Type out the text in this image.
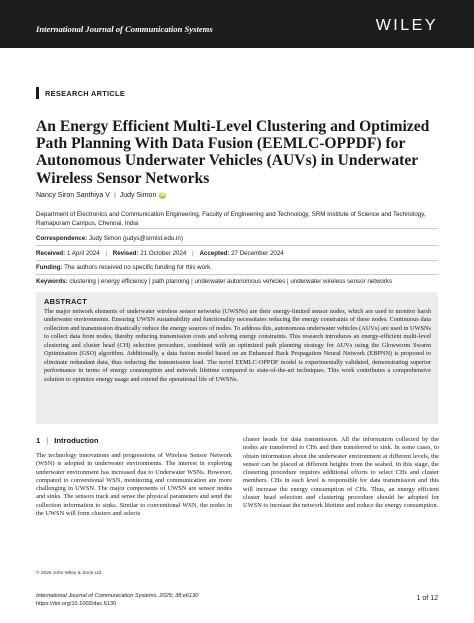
International Journal of Communication Systems	WILEY
RESEARCH ARTICLE
An Energy Efficient Multi-Level Clustering and Optimized Path Planning With Data Fusion (EEMLC-OPPDF) for Autonomous Underwater Vehicles (AUVs) in Underwater Wireless Sensor Networks
Nancy Siron Santhiya V | Judy Simon iD
Department of Electronics and Communication Engineering, Faculty of Engineering and Technology, SRM Institute of Science and Technology, Ramapuram Campus, Chennai, India
Correspondence: Judy Simon (judys@srmist.edu.in)
Received: 1 April 2024 | Revised: 21 October 2024 | Accepted: 27 December 2024
Funding: The authors received no specific funding for this work.
Keywords: clustering | energy efficiency | path planning | underwater autonomous vehicles | underwater wireless sensor networks
ABSTRACT
The major network elements of underwater wireless sensor networks (UWSNs) are their energy-limited sensor nodes, which are used to monitor harsh underwater environments. Ensuring UWSN sustainability and functionality necessitates reducing the energy constraints of these nodes. Continuous data collection and transmission drastically reduce the energy sources of nodes. To address this, autonomous underwater vehicles (AUVs) are used in UWSNs to collect data from nodes, thereby reducing transmission costs and solving energy constraints. This research introduces an energy-efficient multi-level clustering and cluster head (CH) selection procedure, combined with an optimized path planning strategy for AUVs using the Glowworm Swarm Optimization (GSO) algorithm. Additionally, a data fusion model based on an Enhanced Back Propagation Neural Network (EBPNN) is proposed to eliminate redundant data, thus reducing the transmission load. The novel EEMLC-OPPDF model is experimentally validated, demonstrating superior performance in terms of energy consumption and network lifetime compared to state-of-the-art techniques. This work contributes a comprehensive solution to optimize energy usage and extend the operational life of UWSNs.
1 | Introduction
The technology innovations and progressions of Wireless Sensor Network (WSN) is adopted in underwater environments. The interest in exploring underwater environment has increased due to Underwater WSNs. However, compared to conventional WSN, monitoring and communication are more challenging in UWSN. The major components of UWSN are sensor nodes and sinks. The sensors track and sense the physical parameters and send the collection information to sinks. Similar to conventional WSN, the nodes in the UWSN will form clusters and selects
cluster heads for data transmission. All the information collected by the nodes are transferred to CHs and then transferred to sink. In some cases, to obtain information about the underwater environment at different levels, the sensor can be placed at different heights from the seabed. In this stage, the clustering procedure requires additional efforts to select CHs and cluster members. CHs in each level is responsible for data transmission and this will increase the energy consumption of CHs. Thus, an energy efficient cluster head selection and clustering procedure should be adopted for UWSN to increase the network lifetime and reduce the energy consumption.
© 2025 John Wiley & Sons Ltd.
International Journal of Communication Systems, 2025; 38:e6130
https://doi.org/10.1002/dac.6130
1 of 12
